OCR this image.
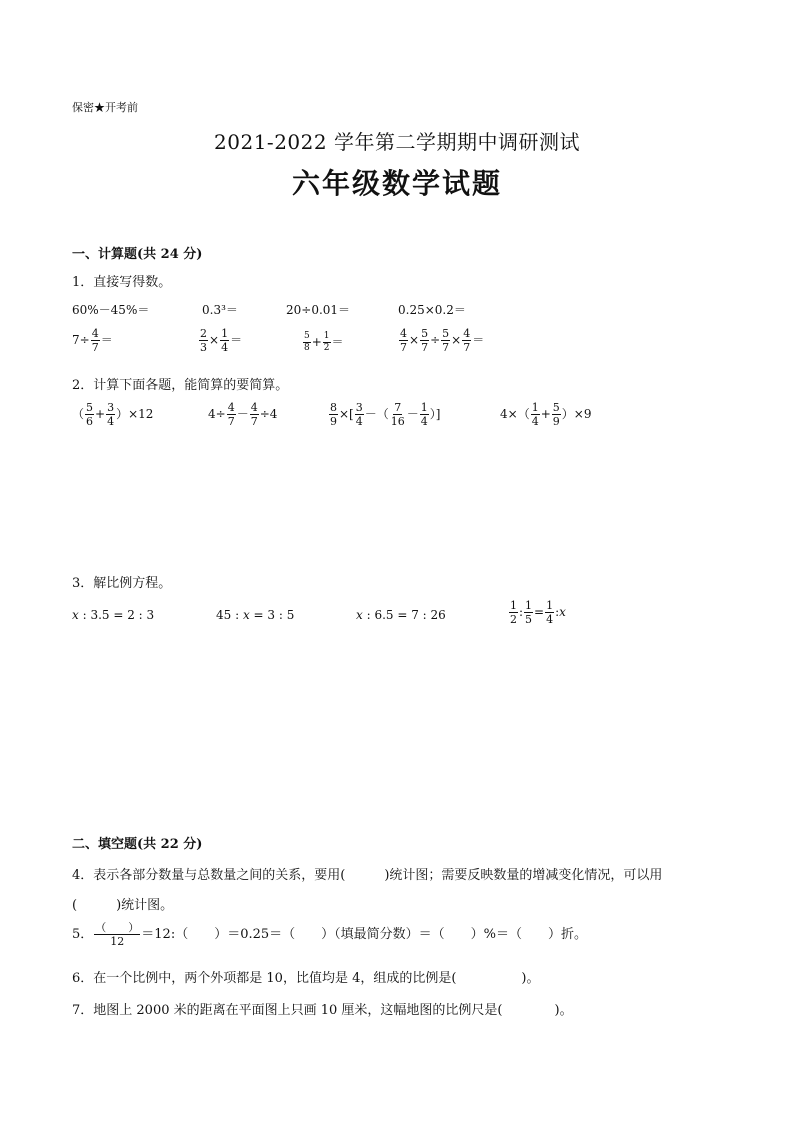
保密★开考前
2021-2022 学年第二学期期中调研测试
六年级数学试题
一、计算题(共 24 分)
1．直接写得数。
60%－45%＝	0.3³＝	20÷0.01＝	0.25×0.2＝
$7\div \frac{4}{7}$ ＝	$\frac{2}{3} \times \frac{1}{4}$ ＝	$\frac{5}{8} + \frac{1}{2}$ ＝	$\frac{4}{7} \times \frac{5}{7} \div \frac{5}{7} \times \frac{4}{7}$ ＝
2．计算下面各题，能简算的要简算。
（ $\frac{5}{6} + \frac{3}{4} )\times 12$	$4\div \frac{4}{7} - \frac{4}{7} \div 4$	$\frac{8}{9}$ ×[ $\frac{3}{4}$ －（ $\frac{7}{16} - \frac{1}{4}$ ）]	$4\times( \frac{1}{4} + \frac{5}{9} )\times 9$
3．解比例方程。
x : 3.5 = 2 : 3	45 : x = 3 : 5	x : 6.5 = 7 : 26	$\frac{1}{2}$ : $\frac{1}{5} = \frac{1}{4}$ :x
二、填空题(共 22 分)
4．表示各部分数量与总数量之间的关系，要用(　　　)统计图；需要反映数量的增减变化情况，可以用
(　　　)统计图。
5． （　　）
12 ＝12:（　　）＝0.25＝（　　）（填最简分数）＝（　　）%＝（　　）折。
6．在一个比例中，两个外项都是 10，比值均是 4，组成的比例是(　　　　　)。
7．地图上 2000 米的距离在平面图上只画 10 厘米，这幅地图的比例尺是(　　　　)。
